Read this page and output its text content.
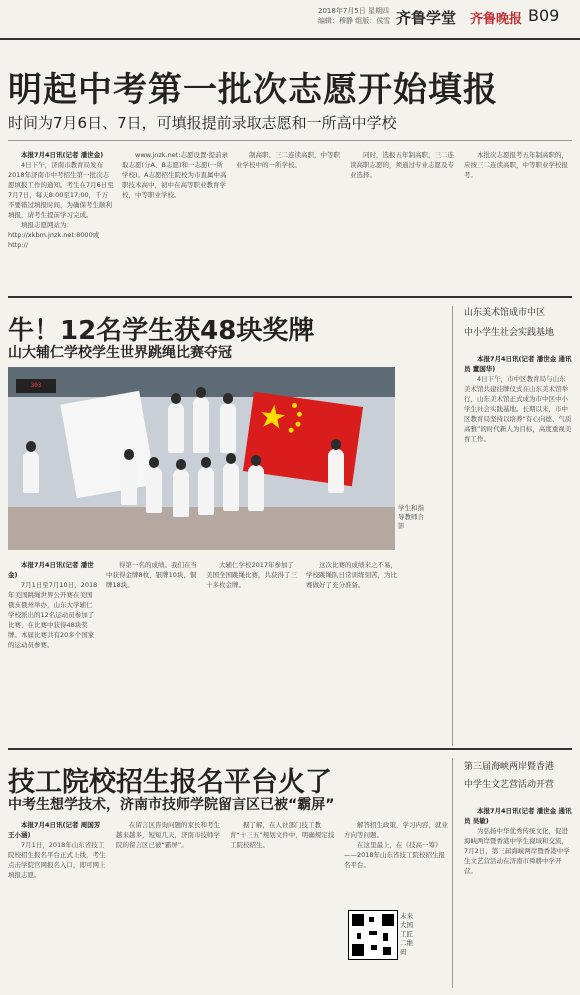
2018年7月5日 星期四
编辑：穆静 组版：侯雪 齐鲁学堂 齐鲁晚报 B09
明起中考第一批次志愿开始填报
时间为7月6日、7日，可填报提前录取志愿和一所高中学校

本报7月4日讯(记者 潘世金)

4日下午，济南市教育局发布2018年济南市中考招生第一批次志愿填报工作的通知。考生在7月6日至7月7日，每天8:00至17:00，千万不要错过填报时间，为确保考生顺利填报，请考生提前学习完成。

填报志愿网站为：http://xkbm.jnzk.net:8000或http://

www.jnzk.net:志愿设置·提前录取志愿(分A、B志愿)和一志愿(一所学校)。A志愿招生院校为市直属中高职技术高中，初中在高等职业教育学校，中等职业学校。

制高职、三二连读高职，中等职业学校中的一所学校。

同时，选报五年制高职，三二连读高职志愿的，须通过专业志愿及专业选择。

本批次志愿报考五年制高职的，应按三二连读高职，中等职业学校报考。

牛！12名学生获48块奖牌
山大辅仁学校学生世界跳绳比赛夺冠
303
学生和指导教师合影

本报7月4日讯(记者 潘世金)

7月1日至7月10日，2018年美国跳绳世界公开赛在美国俄亥俄州举办，山东大学辅仁学校派出的12名运动员参加了比赛，在比赛中获得48块奖牌。本届比赛共有20多个国家的运动员参赛。

得第一名的成绩。我们在当中获得金牌8枚，银牌10块，铜牌18块。

大辅仁学校2017年参加了美国全国跳绳比赛，共获得了三十多枚金牌。

这次比赛的成绩来之不易，学校跳绳队日常训练刻苦，为比赛做好了充分准备。

山东美术馆成市中区
中小学生社会实践基地

本报7月4日讯(记者 潘世金 通讯员 董国华)

4日下午，市中区教育局与山东美术馆共建挂牌仪式在山东美术馆举行，山东美术馆正式成为市中区中小学生社会实践基地。长期以来，市中区教育局坚持以培养“有心向德、气质高雅”的时代新人为目标，高度重视美育工作。

技工院校招生报名平台火了
中考生想学技术，济南市技师学院留言区已被“霸屏”

本报7月4日讯(记者 周国芳 王小涵)

7月1日，2018年山东省技工院校招生报名平台正式上线，考生点击学院官网报名入口，即可网上填报志愿。

在留言区咨询问题的家长和考生越来越多，短短几天，济南市技师学院的留言区已被“霸屏”。

据了解，在人社部门技工教育“十三五”规划文件中，明确规定技工院校招生。

解答招生政策，学习内容，就业方向等问题。

在这里最上，在《技高一筹》——2018年山东省技工院校招生报名平台。

未来大国工匠二维码
第三届海峡两岸暨香港
中学生文艺营活动开营

本报7月4日讯(记者 潘世金 通讯员 吴敏)

为弘扬中华优秀传统文化，促进海峡两岸暨香港中学生视域和交流，7月2日，第三届海峡两岸暨香港中学生文艺营活动在济南市舜耕中学开营。
